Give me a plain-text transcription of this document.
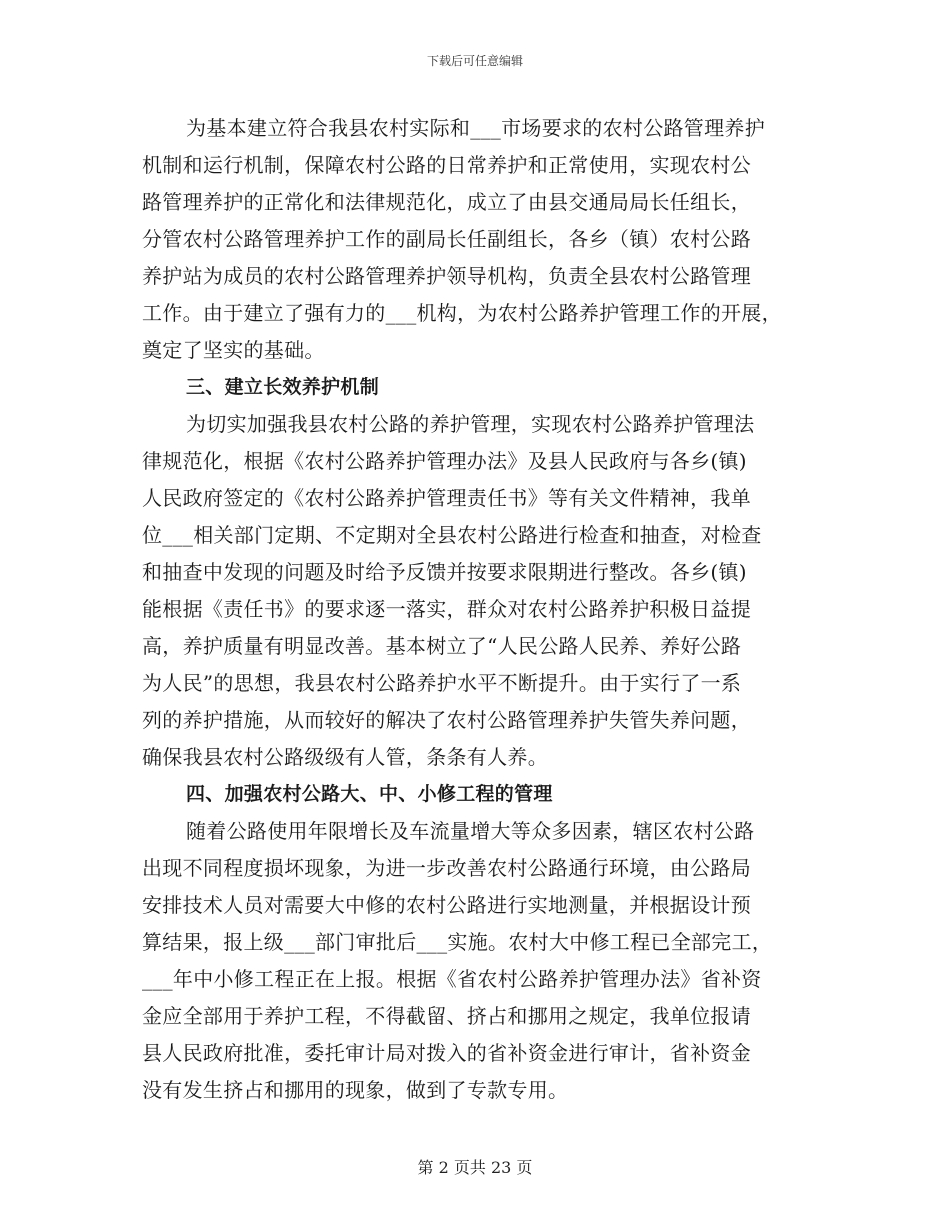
下载后可任意编辑
为基本建立符合我县农村实际和___市场要求的农村公路管理养护
机制和运行机制，保障农村公路的日常养护和正常使用，实现农村公
路管理养护的正常化和法律规范化，成立了由县交通局局长任组长，
分管农村公路管理养护工作的副局长任副组长，各乡（镇）农村公路
养护站为成员的农村公路管理养护领导机构，负责全县农村公路管理
工作。由于建立了强有力的___机构，为农村公路养护管理工作的开展，
奠定了坚实的基础。
三、建立长效养护机制
为切实加强我县农村公路的养护管理，实现农村公路养护管理法
律规范化，根据《农村公路养护管理办法》及县人民政府与各乡(镇)
人民政府签定的《农村公路养护管理责任书》等有关文件精神，我单
位___相关部门定期、不定期对全县农村公路进行检查和抽查，对检查
和抽查中发现的问题及时给予反馈并按要求限期进行整改。各乡(镇)
能根据《责任书》的要求逐一落实，群众对农村公路养护积极日益提
高，养护质量有明显改善。基本树立了“人民公路人民养、养好公路
为人民”的思想，我县农村公路养护水平不断提升。由于实行了一系
列的养护措施，从而较好的解决了农村公路管理养护失管失养问题，
确保我县农村公路级级有人管，条条有人养。
四、加强农村公路大、中、小修工程的管理
随着公路使用年限增长及车流量增大等众多因素，辖区农村公路
出现不同程度损坏现象，为进一步改善农村公路通行环境，由公路局
安排技术人员对需要大中修的农村公路进行实地测量，并根据设计预
算结果，报上级___部门审批后___实施。农村大中修工程已全部完工，
___年中小修工程正在上报。根据《省农村公路养护管理办法》省补资
金应全部用于养护工程，不得截留、挤占和挪用之规定，我单位报请
县人民政府批准，委托审计局对拨入的省补资金进行审计，省补资金
没有发生挤占和挪用的现象，做到了专款专用。
第 2 页共 23 页
